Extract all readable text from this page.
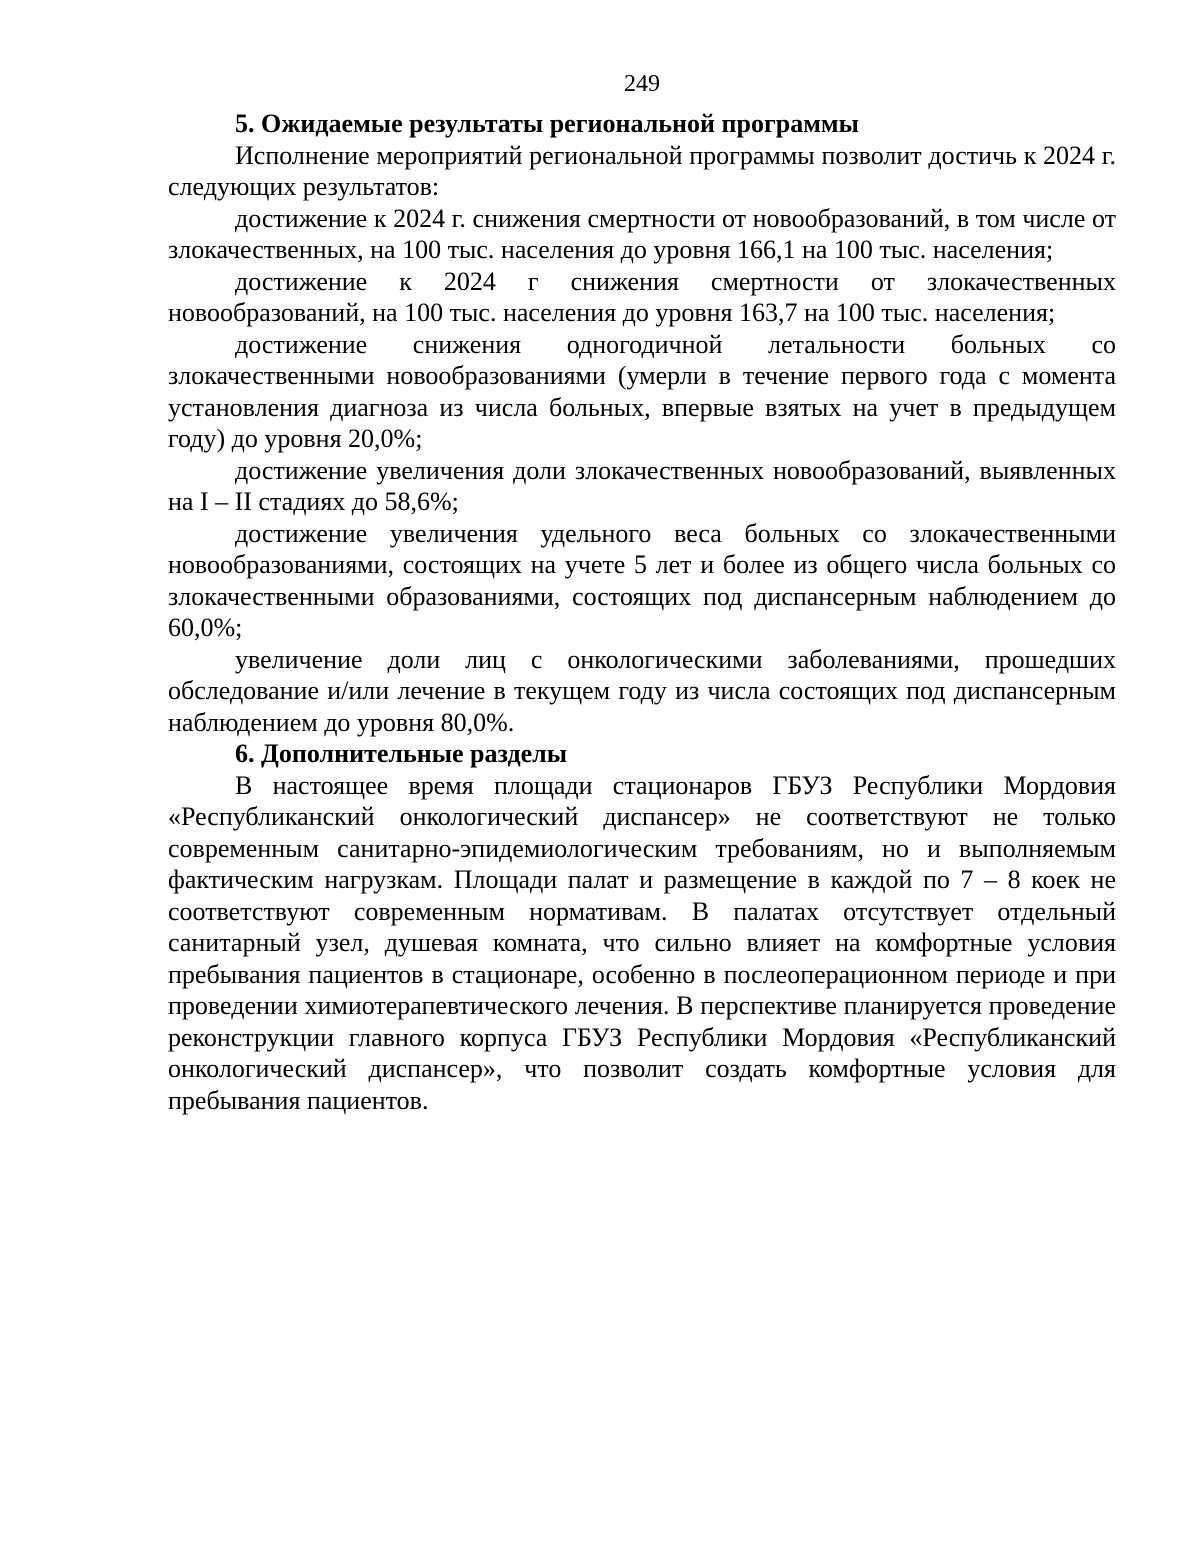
249

5. Ожидаемые результаты региональной программы

Исполнение мероприятий региональной программы позволит достичь к 2024 г. следующих результатов:

достижение к 2024 г. снижения смертности от новообразований, в том числе от злокачественных, на 100 тыс. населения до уровня 166,1 на 100 тыс. населения;

достижение к 2024 г снижения смертности от злокачественных новообразований, на 100 тыс. населения до уровня 163,7 на 100 тыс. населения;

достижение снижения одногодичной летальности больных со злокачественными новообразованиями (умерли в течение первого года с момента установления диагноза из числа больных, впервые взятых на учет в предыдущем году) до уровня 20,0%;

достижение увеличения доли злокачественных новообразований, выявленных на I – II стадиях до 58,6%;

достижение увеличения удельного веса больных со злокачественными новообразованиями, состоящих на учете 5 лет и более из общего числа больных со злокачественными образованиями, состоящих под диспансерным наблюдением до 60,0%;

увеличение доли лиц с онкологическими заболеваниями, прошедших обследование и/или лечение в текущем году из числа состоящих под диспансерным наблюдением до уровня 80,0%.

6. Дополнительные разделы

В настоящее время площади стационаров ГБУЗ Республики Мордовия «Республиканский онкологический диспансер» не соответствуют не только современным санитарно-эпидемиологическим требованиям, но и выполняемым фактическим нагрузкам. Площади палат и размещение в каждой по 7 – 8 коек не соответствуют современным нормативам. В палатах отсутствует отдельный санитарный узел, душевая комната, что сильно влияет на комфортные условия пребывания пациентов в стационаре, особенно в послеоперационном периоде и при проведении химиотерапевтического лечения. В перспективе планируется проведение реконструкции главного корпуса ГБУЗ Республики Мордовия «Республиканский онкологический диспансер», что позволит создать комфортные условия для пребывания пациентов.
